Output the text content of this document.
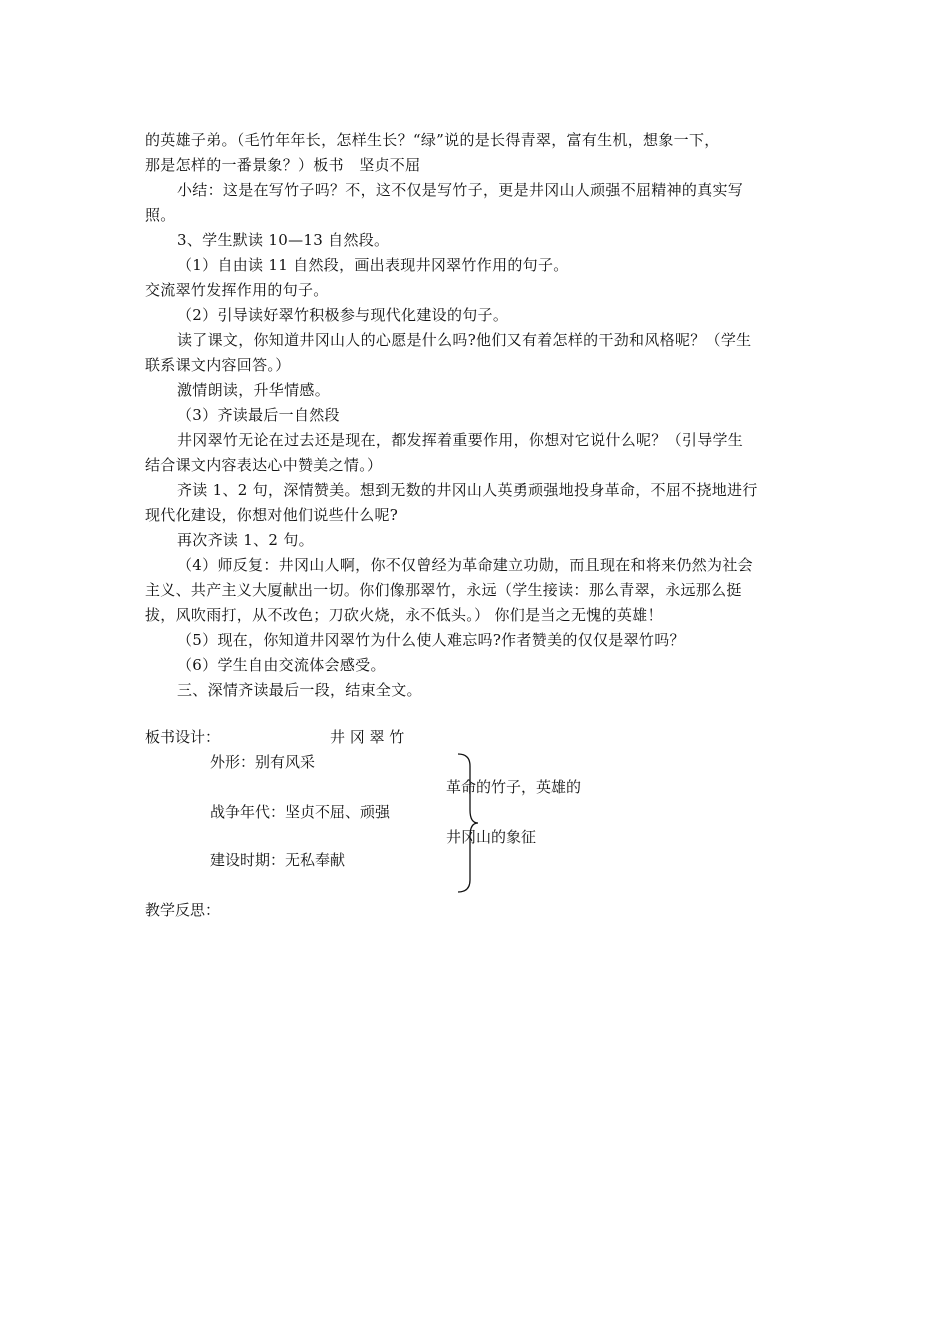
的英雄子弟。（毛竹年年长，怎样生长？“绿”说的是长得青翠，富有生机，想象一下，
那是怎样的一番景象？）板书　坚贞不屈
小结：这是在写竹子吗？不，这不仅是写竹子，更是井冈山人顽强不屈精神的真实写
照。
3、学生默读 10—13 自然段。
（1）自由读 11 自然段，画出表现井冈翠竹作用的句子。
交流翠竹发挥作用的句子。
（2）引导读好翠竹积极参与现代化建设的句子。
读了课文，你知道井冈山人的心愿是什么吗?他们又有着怎样的干劲和风格呢？（学生
联系课文内容回答。）
激情朗读，升华情感。
（3）齐读最后一自然段
井冈翠竹无论在过去还是现在，都发挥着重要作用，你想对它说什么呢？（引导学生
结合课文内容表达心中赞美之情。）
齐读 1、2 句，深情赞美。想到无数的井冈山人英勇顽强地投身革命，不屈不挠地进行
现代化建设，你想对他们说些什么呢?
再次齐读 1、2 句。
（4）师反复：井冈山人啊，你不仅曾经为革命建立功勋，而且现在和将来仍然为社会
主义、共产主义大厦献出一切。你们像那翠竹，永远（学生接读：那么青翠，永远那么挺
拔，风吹雨打，从不改色；刀砍火烧，永不低头。） 你们是当之无愧的英雄！
（5）现在，你知道井冈翠竹为什么使人难忘吗?作者赞美的仅仅是翠竹吗？
（6）学生自由交流体会感受。
三、深情齐读最后一段，结束全文。
板书设计：	井 冈 翠 竹
外形：别有风采
战争年代：坚贞不屈、顽强
建设时期：无私奉献
革命的竹子，英雄的
井冈山的象征
教学反思：
